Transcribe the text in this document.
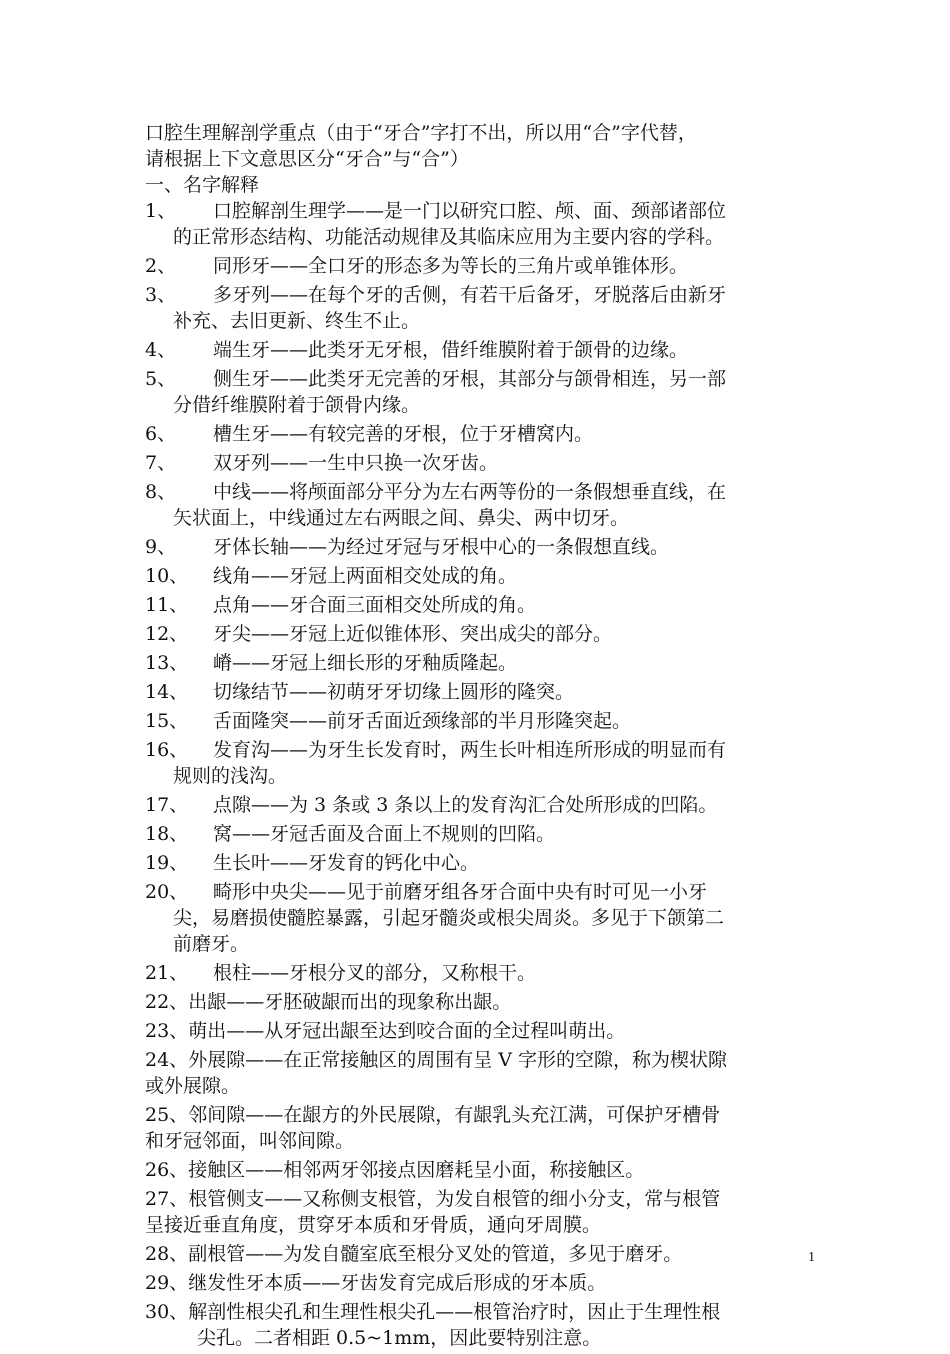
口腔生理解剖学重点（由于“牙合”字打不出，所以用“合”字代替，

请根据上下文意思区分“牙合”与“合”）

一、名字解释

1、	口腔解剖生理学——是一门以研究口腔、颅、面、颈部诸部位
的正常形态结构、功能活动规律及其临床应用为主要内容的学科。
2、	同形牙——全口牙的形态多为等长的三角片或单锥体形。
3、	多牙列——在每个牙的舌侧，有若干后备牙，牙脱落后由新牙
补充、去旧更新、终生不止。
4、	端生牙——此类牙无牙根，借纤维膜附着于颌骨的边缘。
5、	侧生牙——此类牙无完善的牙根，其部分与颌骨相连，另一部
分借纤维膜附着于颌骨内缘。
6、	槽生牙——有较完善的牙根，位于牙槽窝内。
7、	双牙列——一生中只换一次牙齿。
8、	中线——将颅面部分平分为左右两等份的一条假想垂直线，在
矢状面上，中线通过左右两眼之间、鼻尖、两中切牙。
9、	牙体长轴——为经过牙冠与牙根中心的一条假想直线。
10、	线角——牙冠上两面相交处成的角。
11、	点角——牙合面三面相交处所成的角。
12、	牙尖——牙冠上近似锥体形、突出成尖的部分。
13、	嵴——牙冠上细长形的牙釉质隆起。
14、	切缘结节——初萌牙牙切缘上圆形的隆突。
15、	舌面隆突——前牙舌面近颈缘部的半月形隆突起。
16、	发育沟——为牙生长发育时，两生长叶相连所形成的明显而有
规则的浅沟。
17、	点隙——为 3 条或 3 条以上的发育沟汇合处所形成的凹陷。
18、	窝——牙冠舌面及合面上不规则的凹陷。
19、	生长叶——牙发育的钙化中心。
20、	畸形中央尖——见于前磨牙组各牙合面中央有时可见一小牙
尖，易磨损使髓腔暴露，引起牙髓炎或根尖周炎。多见于下颌第二
前磨牙。
21、	根柱——牙根分叉的部分，又称根干。
22、出龈——牙胚破龈而出的现象称出龈。
23、萌出——从牙冠出龈至达到咬合面的全过程叫萌出。
24、外展隙——在正常接触区的周围有呈 V 字形的空隙，称为楔状隙
或外展隙。
25、邻间隙——在龈方的外民展隙，有龈乳头充江满，可保护牙槽骨
和牙冠邻面，叫邻间隙。
26、接触区——相邻两牙邻接点因磨耗呈小面，称接触区。
27、根管侧支——又称侧支根管，为发自根管的细小分支，常与根管
呈接近垂直角度，贯穿牙本质和牙骨质，通向牙周膜。
28、副根管——为发自髓室底至根分叉处的管道，多见于磨牙。
29、继发性牙本质——牙齿发育完成后形成的牙本质。
30、解剖性根尖孔和生理性根尖孔——根管治疗时，因止于生理性根
尖孔。二者相距 0.5~1mm，因此要特别注意。
1
